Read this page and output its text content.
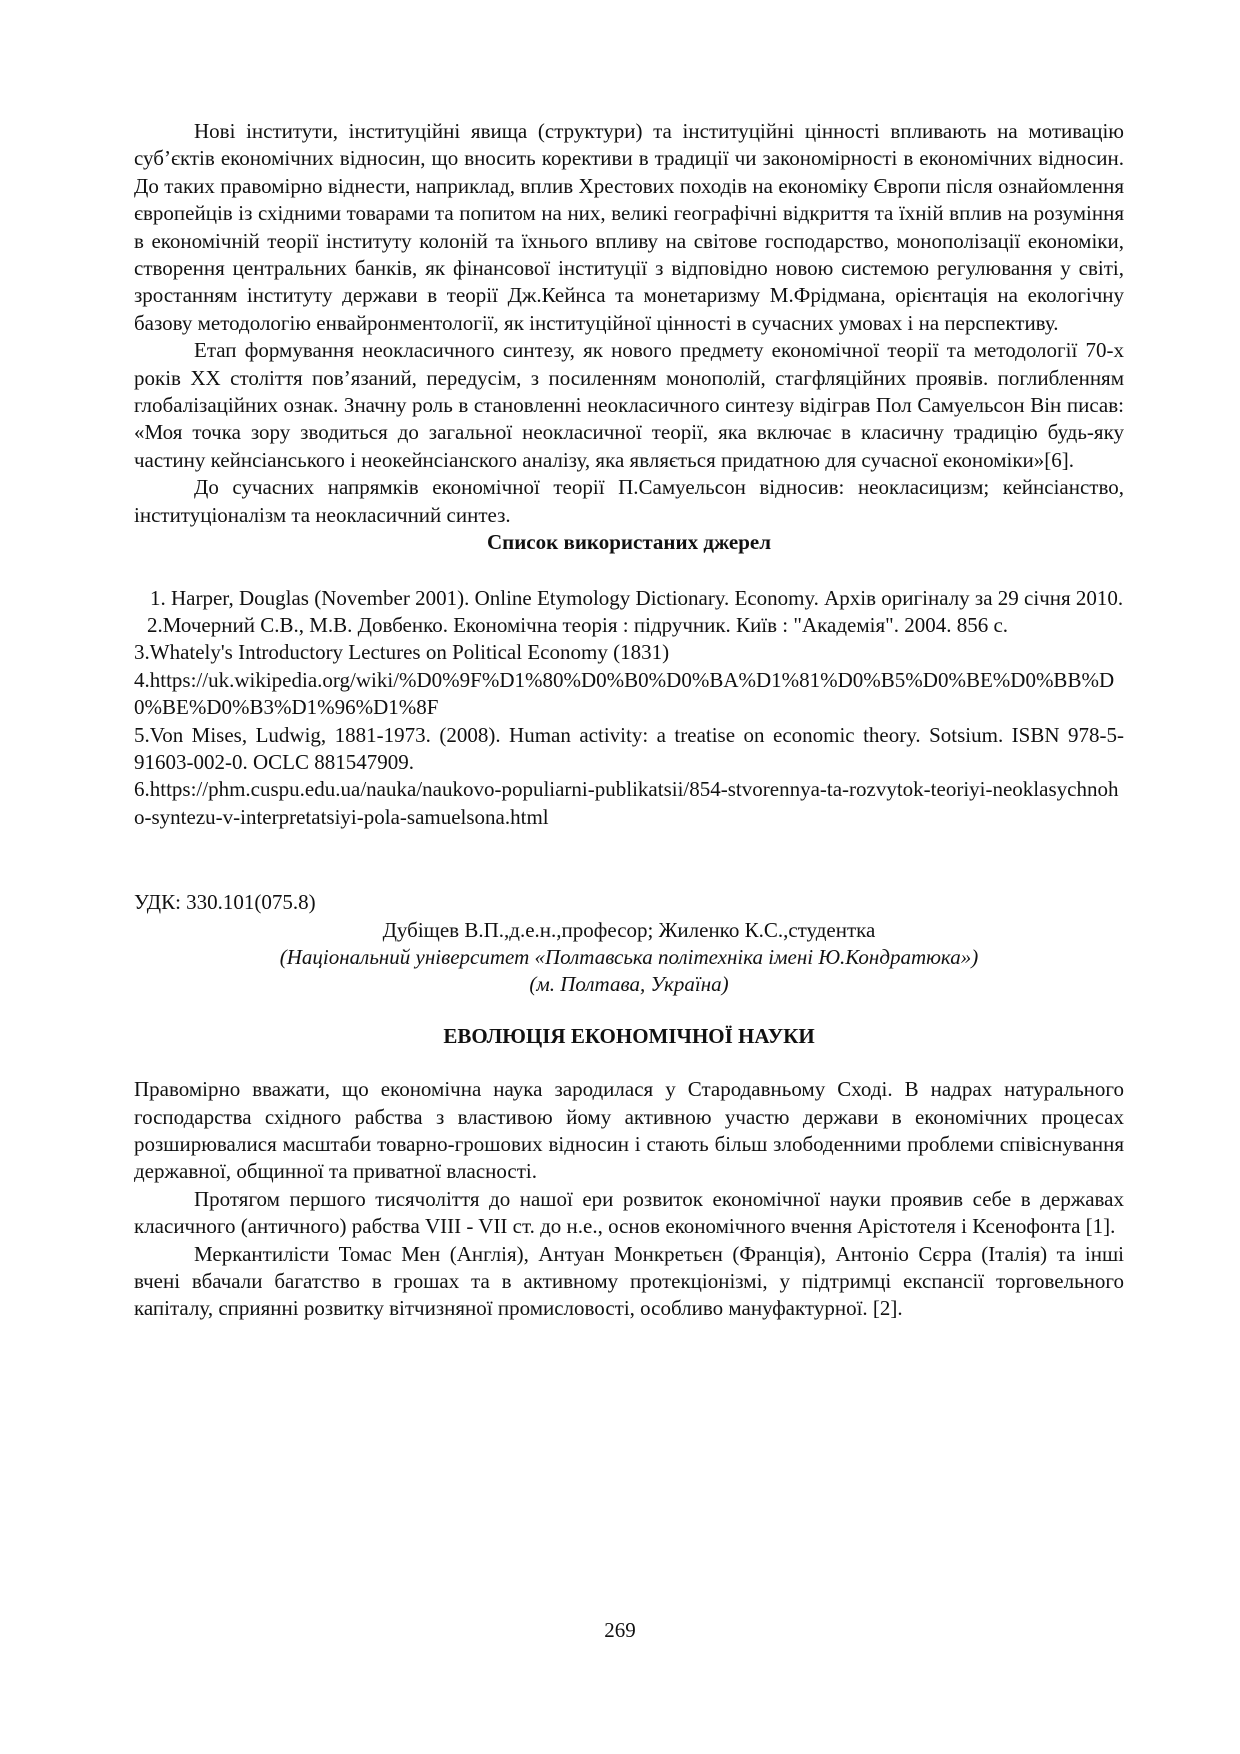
Нові інститути, інституційні явища (структури) та інституційні цінності впливають на мотивацію суб’єктів економічних відносин, що вносить корективи в традиції чи закономірності в економічних відносин. До таких правомірно віднести, наприклад, вплив Хрестових походів на економіку Європи після ознайомлення європейців із східними товарами та попитом на них, великі географічні відкриття та їхній вплив на розуміння в економічній теорії інституту колоній та їхнього впливу на світове господарство, монополізації економіки, створення центральних банків, як фінансової інституції з відповідно новою системою регулювання у світі, зростанням інституту держави в теорії Дж.Кейнса та монетаризму М.Фрідмана, орієнтація на екологічну базову методологію енвайронментології, як інституційної цінності в сучасних умовах і на перспективу.

Етап формування неокласичного синтезу, як нового предмету економічної теорії та методології 70-х років XX століття пов’язаний, передусім, з посиленням монополій, стагфляційних проявів. поглибленням глобалізаційних ознак. Значну роль в становленні неокласичного синтезу відіграв Пол Самуельсон Він писав: «Моя точка зору зводиться до загальної неокласичної теорії, яка включає в класичну традицію будь-яку частину кейнсіанського і неокейнсіанского аналізу, яка являється придатною для сучасної економіки»[6].

До сучасних напрямків економічної теорії П.Самуельсон відносив: неокласицизм; кейнсіанство, інституціоналізм та неокласичний синтез.

Список використаних джерел

1. Harper, Douglas (November 2001). Online Etymology Dictionary. Economy. Архів оригіналу за 29 січня 2010.

2.Мочерний С.В., М.В. Довбенко. Економічна теорія : підручник. Київ : "Академія". 2004. 856 с.

3.Whately's Introductory Lectures on Political Economy (1831)

4.https://uk.wikipedia.org/wiki/%D0%9F%D1%80%D0%B0%D0%BA%D1%81%D0%B5%D0%BE%D0%BB%D0%BE%D0%B3%D1%96%D1%8F

5.Von Mises, Ludwig, 1881-1973. (2008). Human activity: a treatise on economic theory. Sotsium. ISBN 978-5-91603-002-0. OCLC 881547909.

6.https://phm.cuspu.edu.ua/nauka/naukovo-populiarni-publikatsii/854-stvorennya-ta-rozvytok-teoriyi-neoklasychnoho-syntezu-v-interpretatsiyi-pola-samuelsona.html

УДК: 330.101(075.8)

Дубіщев В.П.,д.е.н.,професор; Жиленко К.С.,студентка

(Національний університет «Полтавська політехніка імені Ю.Кондратюка»)

(м. Полтава, Україна)

ЕВОЛЮЦІЯ ЕКОНОМІЧНОЇ НАУКИ

Правомірно вважати, що економічна наука зародилася у Стародавньому Сході. В надрах натурального господарства східного рабства з властивою йому активною участю держави в економічних процесах розширювалися масштаби товарно-грошових відносин і стають більш злободенними проблеми співіснування державної, общинної та приватної власності.

Протягом першого тисячоліття до нашої ери розвиток економічної науки проявив себе в державах класичного (античного) рабства VIII - VII ст. до н.е., основ економічного вчення Арістотеля і Ксенофонта [1].

Меркантилісти Томас Мен (Англія), Антуан Монкретьєн (Франція), Антоніо Сєрра (Італія) та інші вчені вбачали багатство в грошах та в активному протекціонізмі, у підтримці експансії торговельного капіталу, сприянні розвитку вітчизняної промисловості, особливо мануфактурної. [2].

269
